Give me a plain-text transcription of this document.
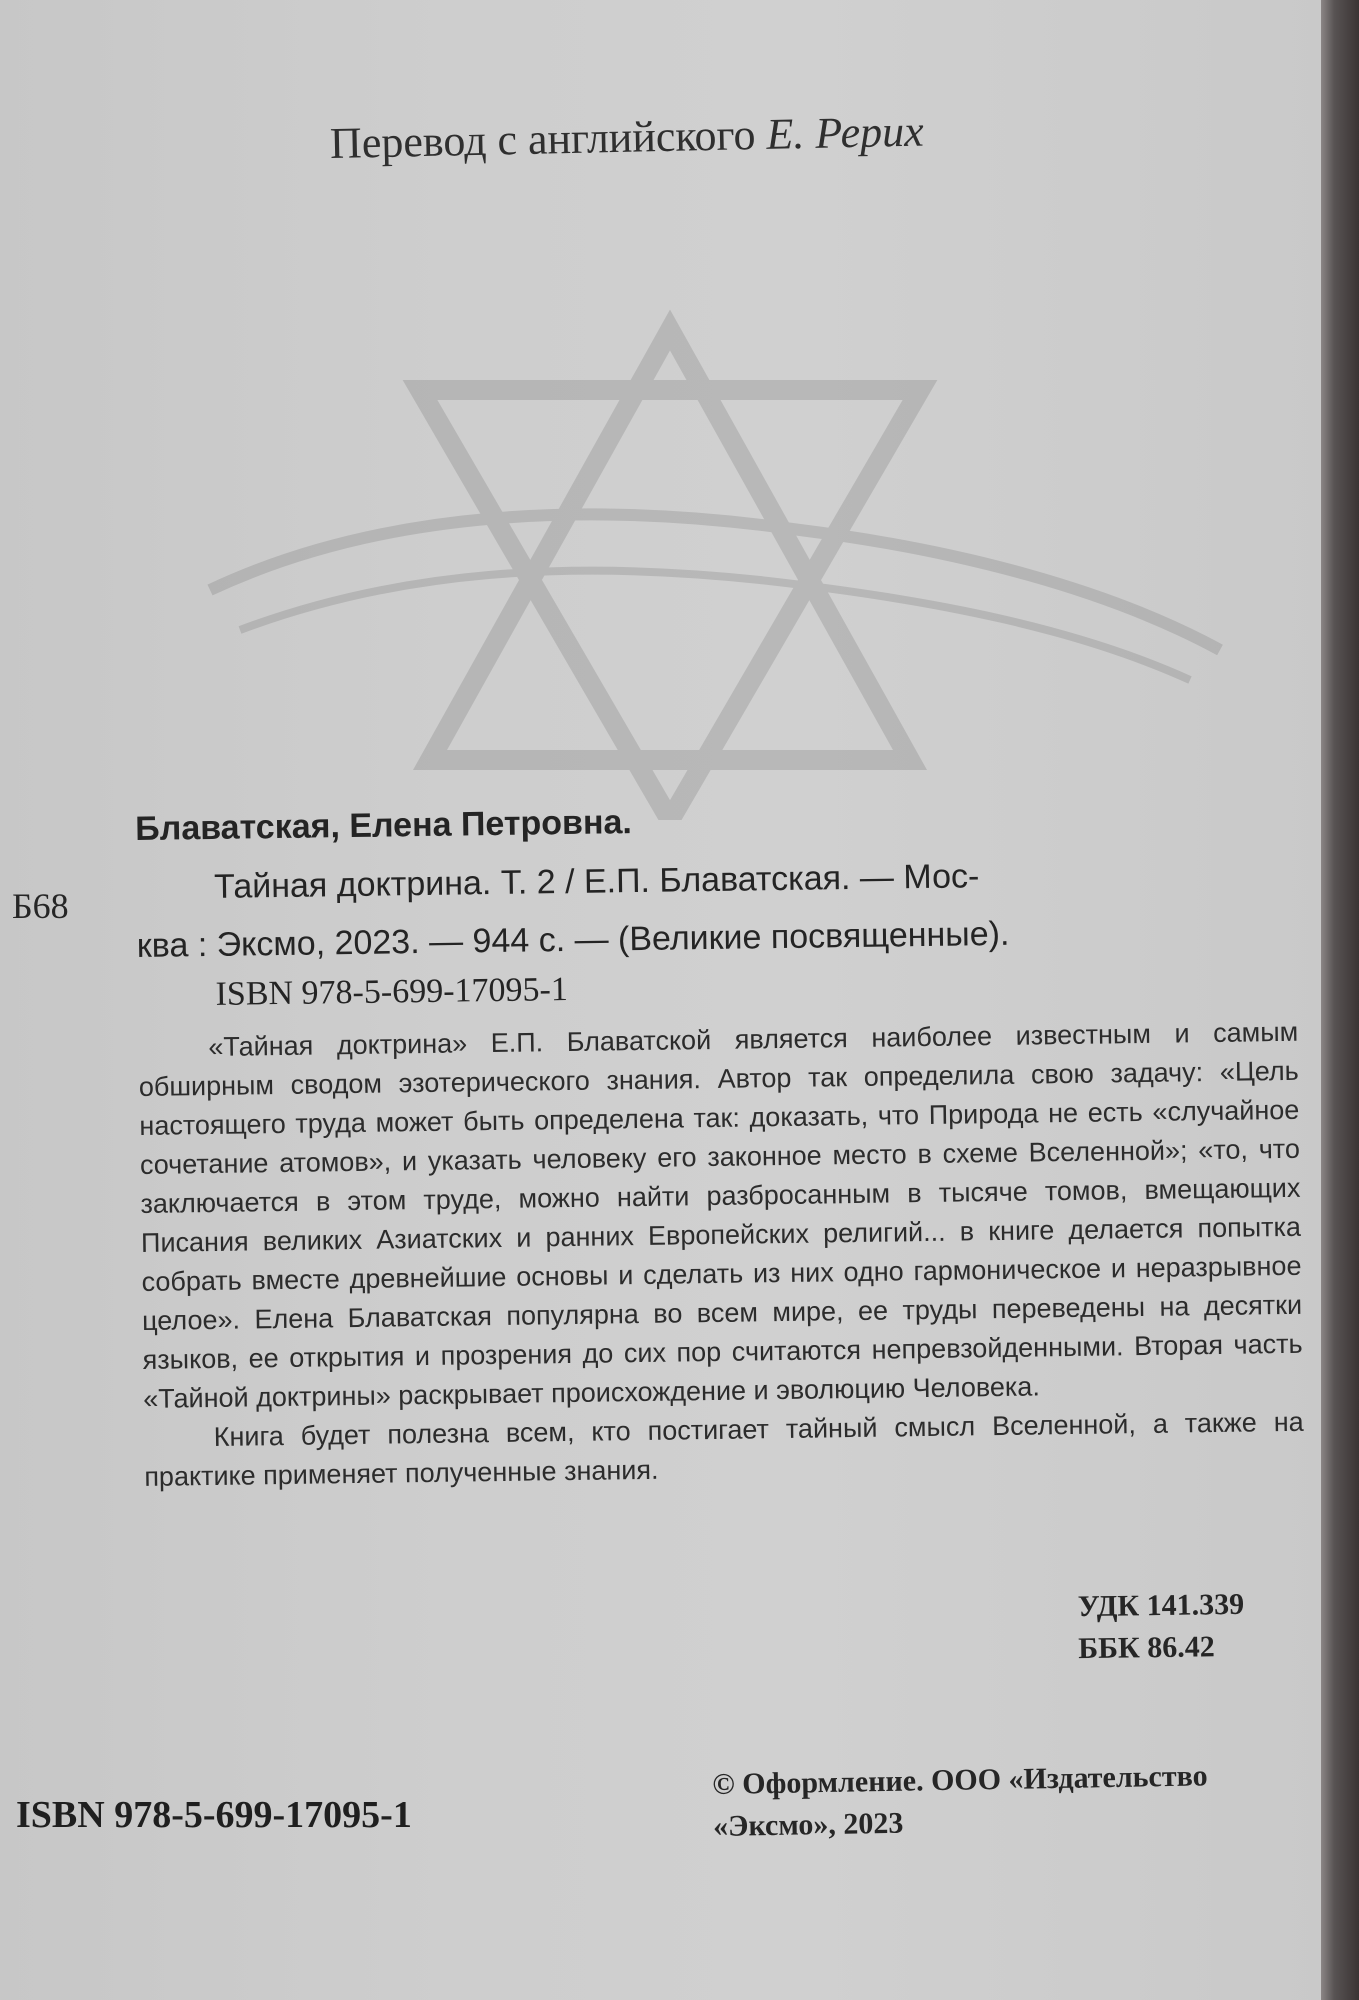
Перевод с английского Е. Рерих
Б68
Блаватская, Елена Петровна.
Тайная доктрина. Т. 2 / Е.П. Блаватская. — Мос-
ква : Эксмо, 2023. — 944 с. — (Великие посвященные).
ISBN 978-5-699-17095-1

«Тайная доктрина» Е.П. Блаватской является наиболее известным и самым обширным сводом эзотерического знания. Автор так определила свою задачу: «Цель настоящего труда может быть определена так: доказать, что Природа не есть «случайное сочетание атомов», и указать человеку его законное место в схеме Вселенной»; «то, что заключается в этом труде, можно найти разбросанным в тысяче томов, вмещающих Писания великих Азиатских и ранних Европейских религий... в книге делается попытка собрать вместе древнейшие основы и сделать из них одно гармоническое и неразрывное целое». Елена Блаватская популярна во всем мире, ее труды переведены на десятки языков, ее открытия и прозрения до сих пор считаются непревзойденными. Вторая часть «Тайной доктрины» раскрывает происхождение и эволюцию Человека.

Книга будет полезна всем, кто постигает тайный смысл Вселенной, а также на практике применяет полученные знания.

УДК 141.339
ББК 86.42
ISBN 978-5-699-17095-1
© Оформление. ООО «Издательство
«Эксмо», 2023
